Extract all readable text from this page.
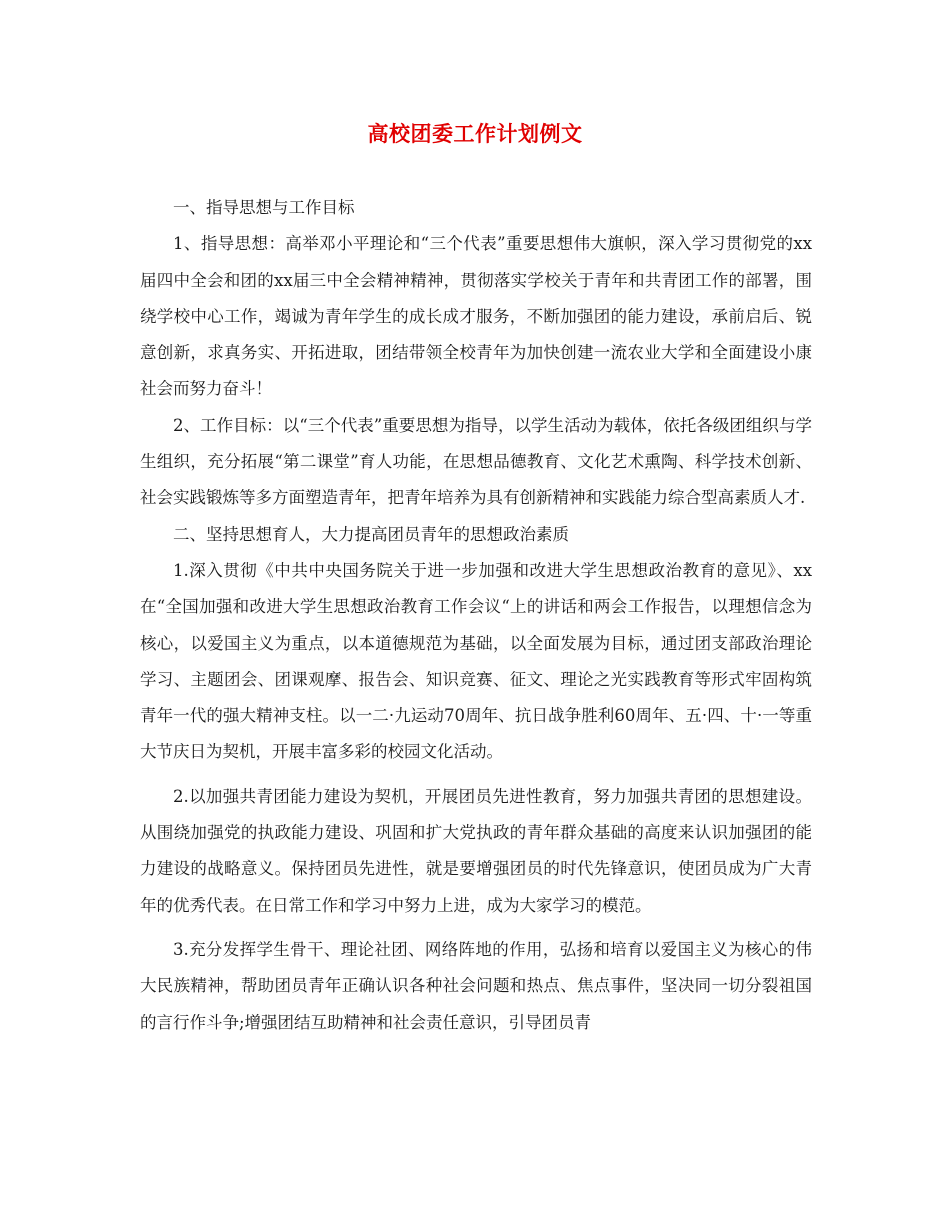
高校团委工作计划例文

一、指导思想与工作目标

1、指导思想：高举邓小平理论和“三个代表”重要思想伟大旗帜，深入学习贯彻党的xx届四中全会和团的xx届三中全会精神精神，贯彻落实学校关于青年和共青团工作的部署，围绕学校中心工作，竭诚为青年学生的成长成才服务，不断加强团的能力建设，承前启后、锐意创新，求真务实、开拓进取，团结带领全校青年为加快创建一流农业大学和全面建设小康社会而努力奋斗！

2、工作目标：以“三个代表”重要思想为指导，以学生活动为载体，依托各级团组织与学生组织，充分拓展“第二课堂”育人功能，在思想品德教育、文化艺术熏陶、科学技术创新、社会实践锻炼等多方面塑造青年，把青年培养为具有创新精神和实践能力综合型高素质人才.

二、坚持思想育人，大力提高团员青年的思想政治素质

1.深入贯彻《中共中央国务院关于进一步加强和改进大学生思想政治教育的意见》、xx在“全国加强和改进大学生思想政治教育工作会议“上的讲话和两会工作报告，以理想信念为核心，以爱国主义为重点，以本道德规范为基础，以全面发展为目标，通过团支部政治理论学习、主题团会、团课观摩、报告会、知识竞赛、征文、理论之光实践教育等形式牢固构筑青年一代的强大精神支柱。以一二·九运动70周年、抗日战争胜利60周年、五·四、十·一等重大节庆日为契机，开展丰富多彩的校园文化活动。

2.以加强共青团能力建设为契机，开展团员先进性教育，努力加强共青团的思想建设。从围绕加强党的执政能力建设、巩固和扩大党执政的青年群众基础的高度来认识加强团的能力建设的战略意义。保持团员先进性，就是要增强团员的时代先锋意识，使团员成为广大青年的优秀代表。在日常工作和学习中努力上进，成为大家学习的模范。

3.充分发挥学生骨干、理论社团、网络阵地的作用，弘扬和培育以爱国主义为核心的伟大民族精神，帮助团员青年正确认识各种社会问题和热点、焦点事件，坚决同一切分裂祖国的言行作斗争;增强团结互助精神和社会责任意识，引导团员青
